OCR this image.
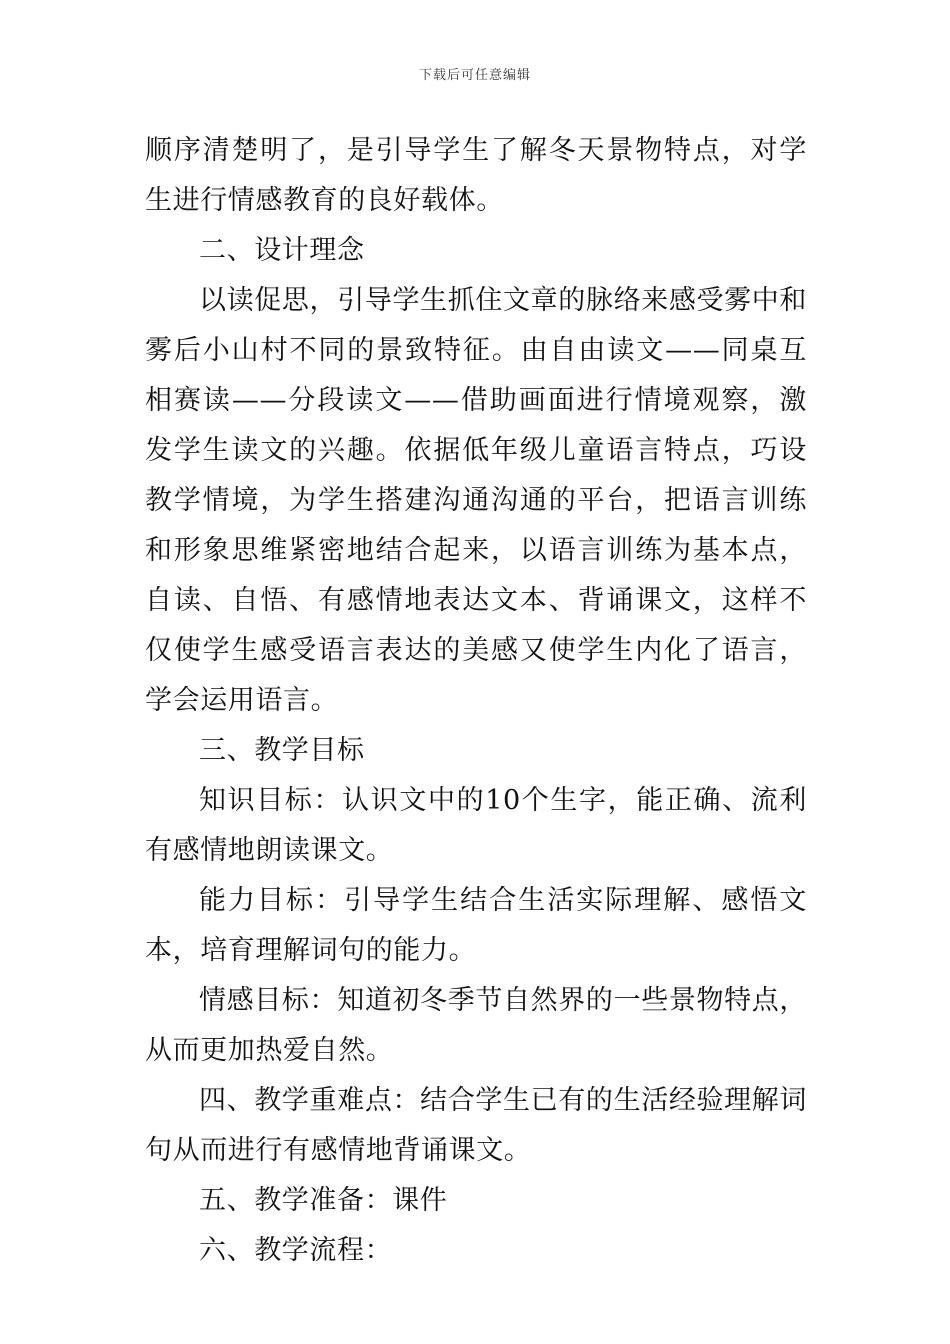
下载后可任意编辑

顺序清楚明了，是引导学生了解冬天景物特点，对学生进行情感教育的良好载体。

二、设计理念

以读促思，引导学生抓住文章的脉络来感受雾中和雾后小山村不同的景致特征。由自由读文——同桌互相赛读——分段读文——借助画面进行情境观察，激发学生读文的兴趣。依据低年级儿童语言特点，巧设教学情境，为学生搭建沟通沟通的平台，把语言训练和形象思维紧密地结合起来，以语言训练为基本点，自读、自悟、有感情地表达文本、背诵课文，这样不仅使学生感受语言表达的美感又使学生内化了语言，学会运用语言。

三、教学目标

知识目标：认识文中的10个生字，能正确、流利有感情地朗读课文。

能力目标：引导学生结合生活实际理解、感悟文本，培育理解词句的能力。

情感目标：知道初冬季节自然界的一些景物特点，从而更加热爱自然。

四、教学重难点：结合学生已有的生活经验理解词句从而进行有感情地背诵课文。

五、教学准备：课件

六、教学流程：
